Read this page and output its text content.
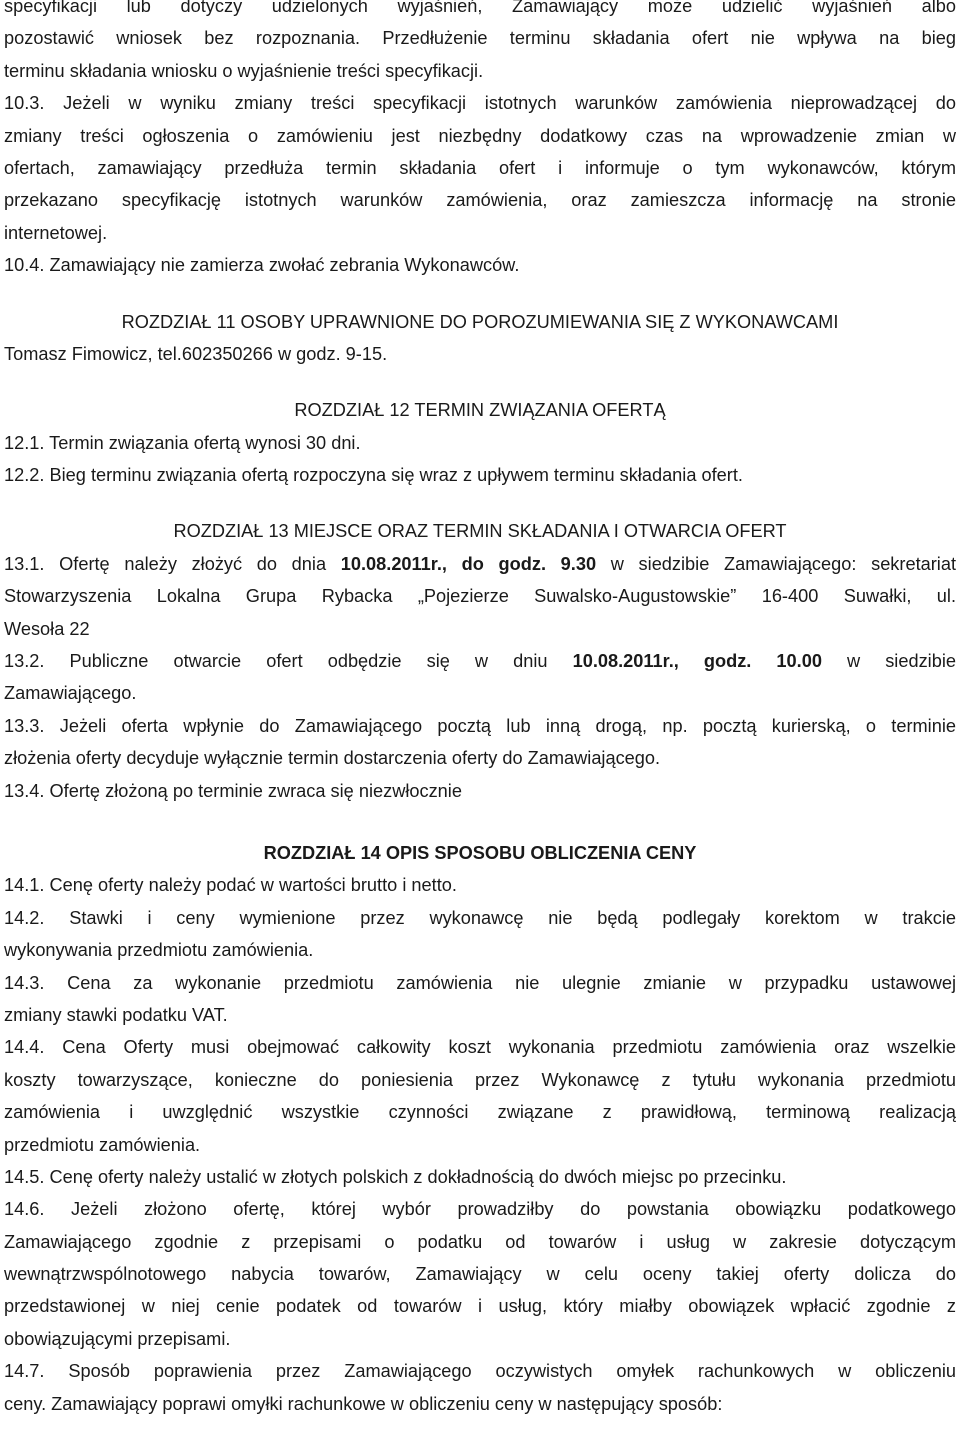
specyfikacji lub dotyczy udzielonych wyjaśnień, Zamawiający może udzielić wyjaśnień albo
pozostawić wniosek bez rozpoznania. Przedłużenie terminu składania ofert nie wpływa na bieg
terminu składania wniosku o wyjaśnienie treści specyfikacji.
10.3. Jeżeli w wyniku zmiany treści specyfikacji istotnych warunków zamówienia nieprowadzącej do
zmiany treści ogłoszenia o zamówieniu jest niezbędny dodatkowy czas na wprowadzenie zmian w
ofertach, zamawiający przedłuża termin składania ofert i informuje o tym wykonawców, którym
przekazano specyfikację istotnych warunków zamówienia, oraz zamieszcza informację na stronie
internetowej.
10.4. Zamawiający nie zamierza zwołać zebrania Wykonawców.
ROZDZIAŁ 11 OSOBY UPRAWNIONE DO POROZUMIEWANIA SIĘ Z WYKONAWCAMI
Tomasz Fimowicz, tel.602350266 w godz. 9-15.
ROZDZIAŁ 12 TERMIN ZWIĄZANIA OFERTĄ
12.1. Termin związania ofertą wynosi 30 dni.
12.2. Bieg terminu związania ofertą rozpoczyna się wraz z upływem terminu składania ofert.
ROZDZIAŁ 13 MIEJSCE ORAZ TERMIN SKŁADANIA I OTWARCIA OFERT
13.1. Ofertę należy złożyć do dnia 10.08.2011r., do godz. 9.30 w siedzibie Zamawiającego: sekretariat
Stowarzyszenia Lokalna Grupa Rybacka „Pojezierze Suwalsko-Augustowskie” 16-400 Suwałki, ul.
Wesoła 22
13.2. Publiczne otwarcie ofert odbędzie się w dniu 10.08.2011r., godz. 10.00 w siedzibie
Zamawiającego.
13.3. Jeżeli oferta wpłynie do Zamawiającego pocztą lub inną drogą, np. pocztą kurierską, o terminie
złożenia oferty decyduje wyłącznie termin dostarczenia oferty do Zamawiającego.
13.4. Ofertę złożoną po terminie zwraca się niezwłocznie
ROZDZIAŁ 14 OPIS SPOSOBU OBLICZENIA CENY
14.1. Cenę oferty należy podać w wartości brutto i netto.
14.2. Stawki i ceny wymienione przez wykonawcę nie będą podlegały korektom w trakcie
wykonywania przedmiotu zamówienia.
14.3. Cena za wykonanie przedmiotu zamówienia nie ulegnie zmianie w przypadku ustawowej
zmiany stawki podatku VAT.
14.4. Cena Oferty musi obejmować całkowity koszt wykonania przedmiotu zamówienia oraz wszelkie
koszty towarzyszące, konieczne do poniesienia przez Wykonawcę z tytułu wykonania przedmiotu
zamówienia i uwzględnić wszystkie czynności związane z prawidłową, terminową realizacją
przedmiotu zamówienia.
14.5. Cenę oferty należy ustalić w złotych polskich z dokładnością do dwóch miejsc po przecinku.
14.6. Jeżeli złożono ofertę, której wybór prowadziłby do powstania obowiązku podatkowego
Zamawiającego zgodnie z przepisami o podatku od towarów i usług w zakresie dotyczącym
wewnątrzwspólnotowego nabycia towarów, Zamawiający w celu oceny takiej oferty dolicza do
przedstawionej w niej cenie podatek od towarów i usług, który miałby obowiązek wpłacić zgodnie z
obowiązującymi przepisami.
14.7. Sposób poprawienia przez Zamawiającego oczywistych omyłek rachunkowych w obliczeniu
ceny. Zamawiający poprawi omyłki rachunkowe w obliczeniu ceny w następujący sposób:
